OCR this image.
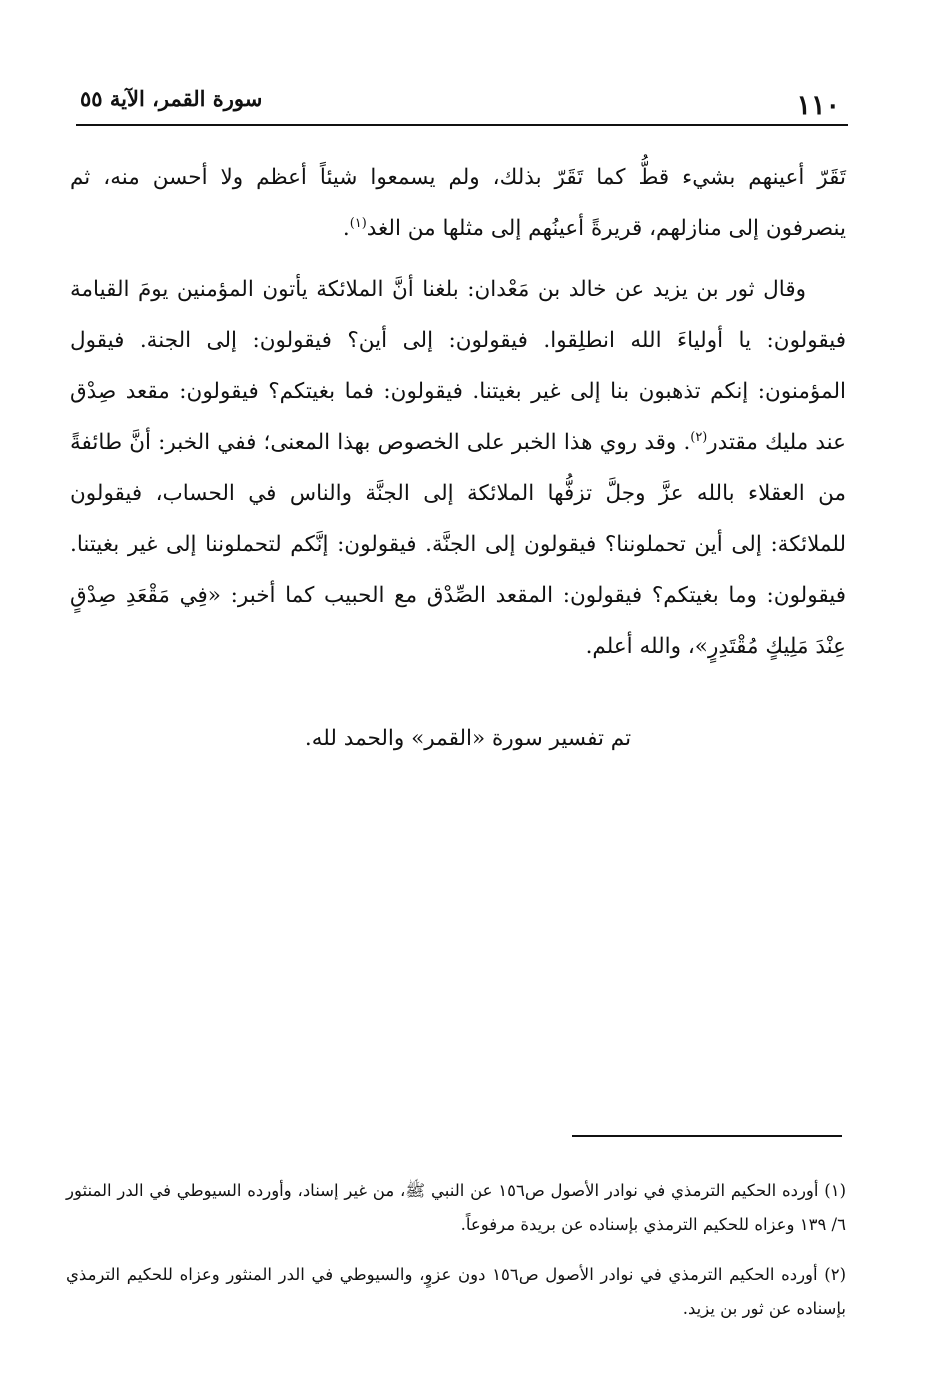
١١٠
سورة القمر، الآية ٥٥

تَقَرّ أعينهم بشيء قطُّ كما تَقَرّ بذلك، ولم يسمعوا شيئاً أعظم ولا أحسن منه، ثم ينصرفون إلى منازلهم، قريرةً أعينُهم إلى مثلها من الغد$^{(١)}$.

وقال ثور بن يزيد عن خالد بن مَعْدان: بلغنا أنَّ الملائكة يأتون المؤمنين يومَ القيامة فيقولون: يا أولياءَ الله انطلِقوا. فيقولون: إلى أين؟ فيقولون: إلى الجنة. فيقول المؤمنون: إنكم تذهبون بنا إلى غير بغيتنا. فيقولون: فما بغيتكم؟ فيقولون: مقعد صِدْق عند مليك مقتدر$^{(٢)}$. وقد روي هذا الخبر على الخصوص بهذا المعنى؛ ففي الخبر: أنَّ طائفةً من العقلاء بالله عزَّ وجلَّ تزفُّها الملائكة إلى الجنَّة والناس في الحساب، فيقولون للملائكة: إلى أين تحملوننا؟ فيقولون إلى الجنَّة. فيقولون: إنَّكم لتحملوننا إلى غير بغيتنا. فيقولون: وما بغيتكم؟ فيقولون: المقعد الصِّدْق مع الحبيب كما أخبر: «فِي مَقْعَدِ صِدْقٍ عِنْدَ مَلِيكٍ مُقْتَدِرٍ»، والله أعلم.

تم تفسير سورة «القمر» والحمد لله.

(١) أورده الحكيم الترمذي في نوادر الأصول ص١٥٦ عن النبي ﷺ، من غير إسناد، وأورده السيوطي في الدر المنثور ٦/ ١٣٩ وعزاه للحكيم الترمذي بإسناده عن بريدة مرفوعاً.

(٢) أورده الحكيم الترمذي في نوادر الأصول ص١٥٦ دون عزوٍ، والسيوطي في الدر المنثور وعزاه للحكيم الترمذي بإسناده عن ثور بن يزيد.
